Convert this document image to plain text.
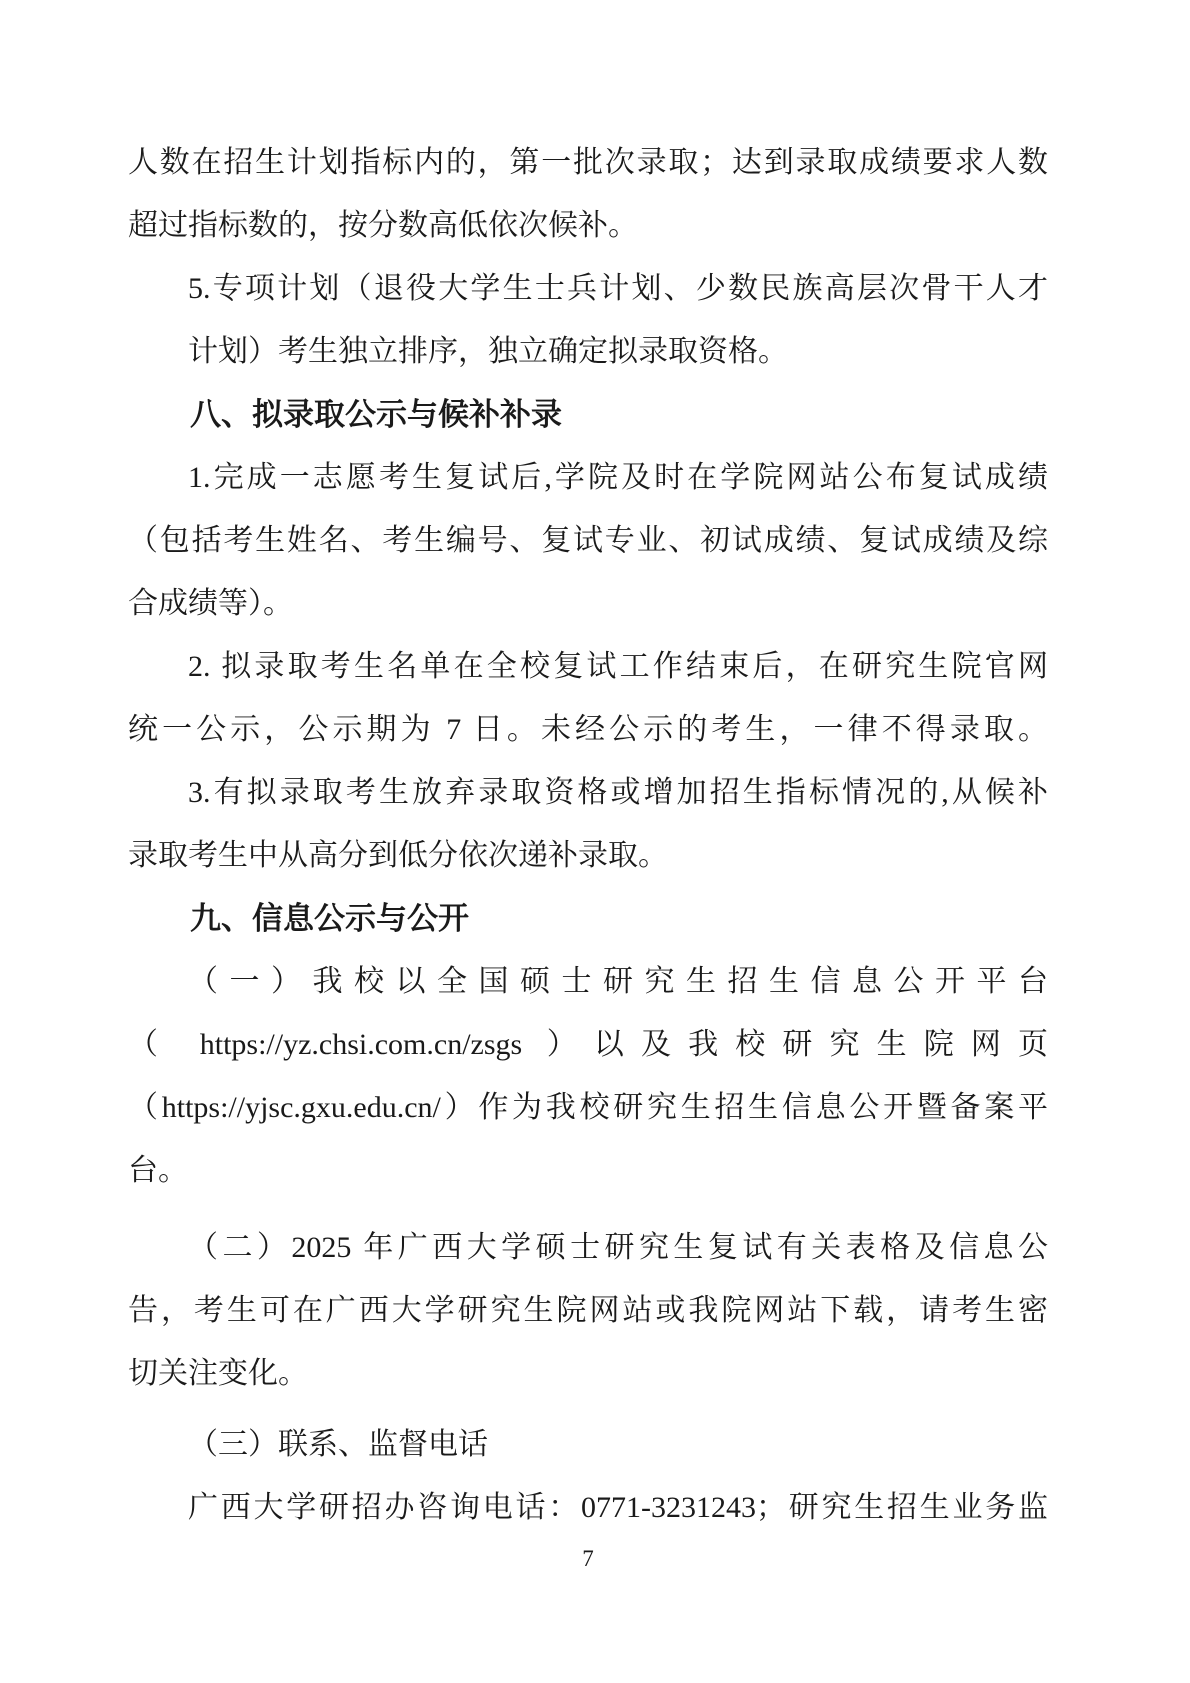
人数在招生计划指标内的，第一批次录取；达到录取成绩要求人数
超过指标数的，按分数高低依次候补。
5.专项计划（退役大学生士兵计划、少数民族高层次骨干人才
计划）考生独立排序，独立确定拟录取资格。
八、拟录取公示与候补补录
1.完成一志愿考生复试后,学院及时在学院网站公布复试成绩
（包括考生姓名、考生编号、复试专业、初试成绩、复试成绩及综
合成绩等）。
2. 拟录取考生名单在全校复试工作结束后，在研究生院官网
统一公示，公示期为 7 日。未经公示的考生，一律不得录取。
3.有拟录取考生放弃录取资格或增加招生指标情况的,从候补
录取考生中从高分到低分依次递补录取。
九、信息公示与公开
（一）我校以全国硕士研究生招生信息公开平台
（ https://yz.chsi.com.cn/zsgs ）以及我校研究生院网页
（https://yjsc.gxu.edu.cn/）作为我校研究生招生信息公开暨备案平
台。
（二）2025 年广西大学硕士研究生复试有关表格及信息公
告，考生可在广西大学研究生院网站或我院网站下载，请考生密
切关注变化。
（三）联系、监督电话
广西大学研招办咨询电话：0771-3231243；研究生招生业务监
7
